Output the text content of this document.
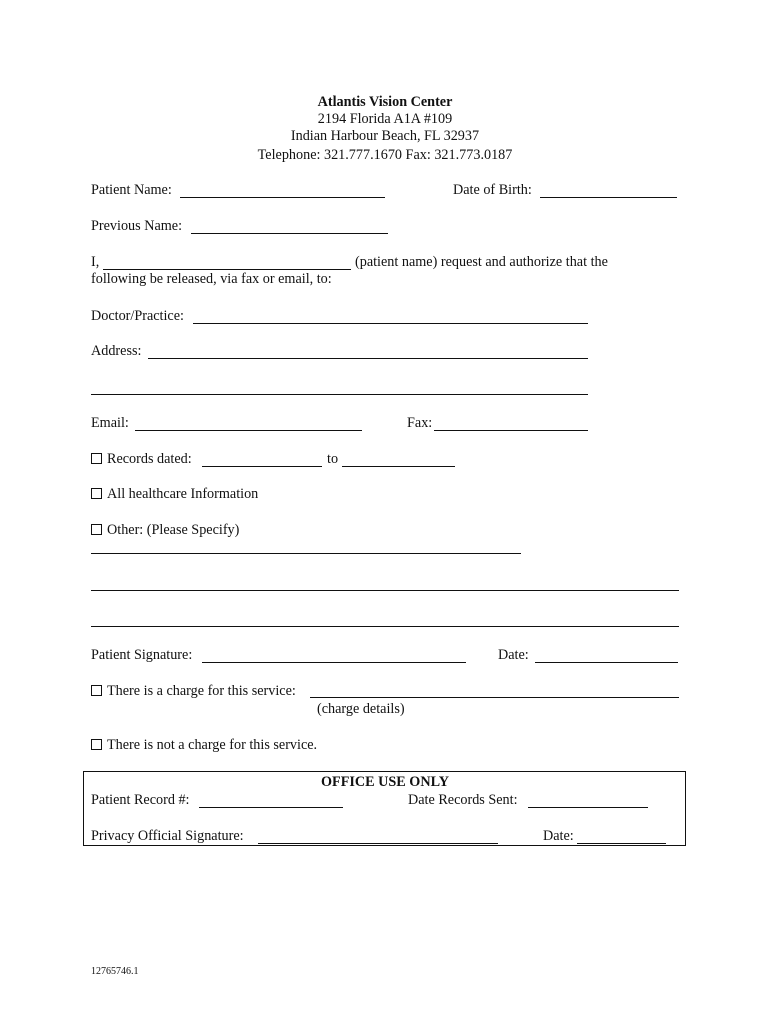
Atlantis Vision Center
2194 Florida A1A #109
Indian Harbour Beach, FL 32937
Telephone: 321.777.1670 Fax: 321.773.0187
Patient Name:	Date of Birth:
Previous Name:
I,	(patient name) request and authorize that the
following be released, via fax or email, to:
Doctor/Practice:
Address:
Email:	Fax:
Records dated:	to
All healthcare Information
Other: (Please Specify)
Patient Signature:	Date:
There is a charge for this service:
(charge details)
There is not a charge for this service.
OFFICE USE ONLY
Patient Record #:	Date Records Sent:
Privacy Official Signature:	Date:
12765746.1
